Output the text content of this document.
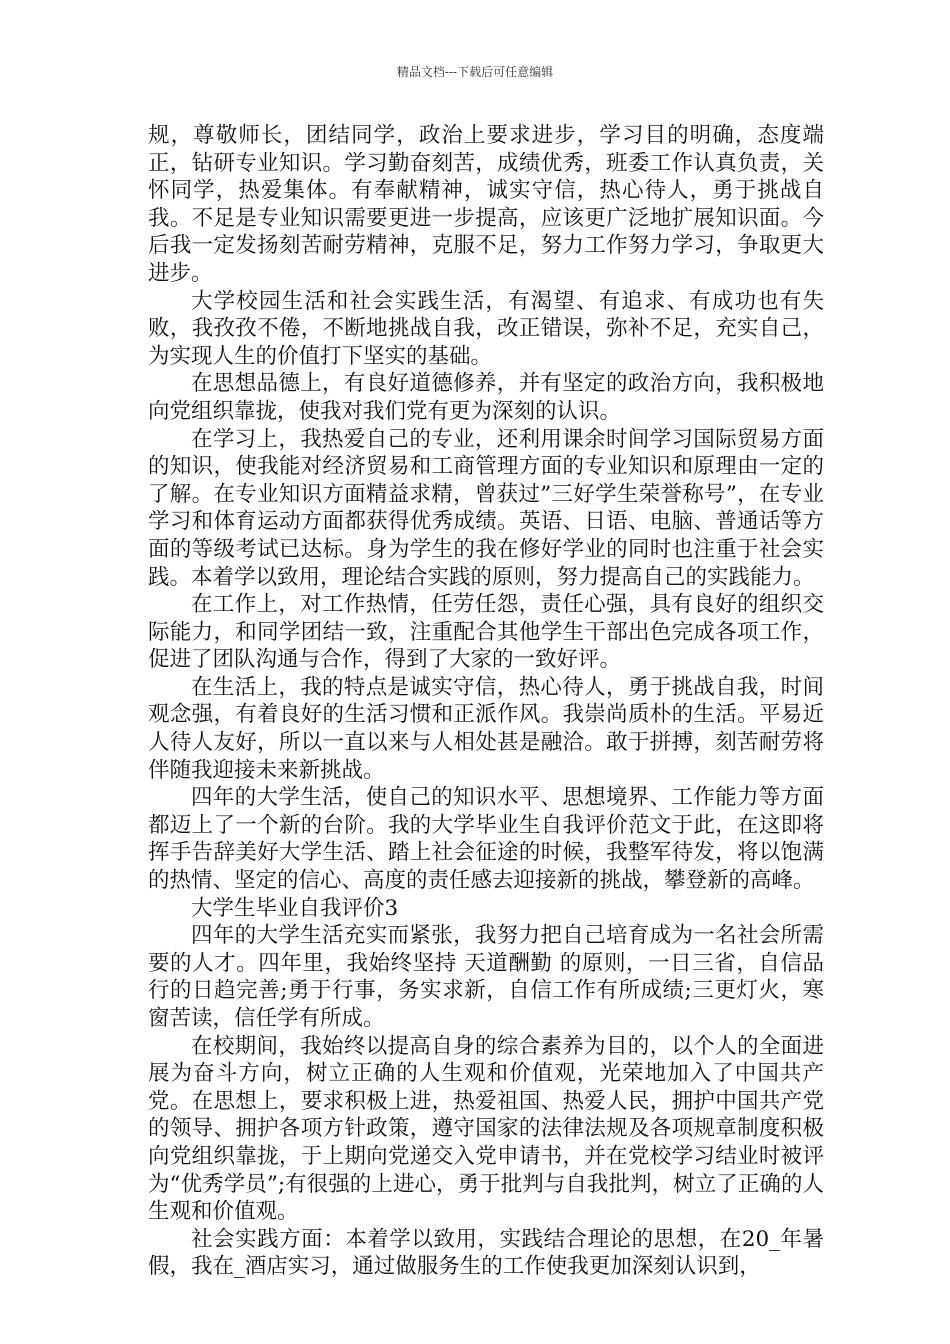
精品文档---下载后可任意编辑

规，尊敬师长，团结同学，政治上要求进步，学习目的明确，态度端正，钻研专业知识。学习勤奋刻苦，成绩优秀，班委工作认真负责，关怀同学，热爱集体。有奉献精神，诚实守信，热心待人，勇于挑战自我。不足是专业知识需要更进一步提高，应该更广泛地扩展知识面。今后我一定发扬刻苦耐劳精神，克服不足，努力工作努力学习，争取更大进步。

大学校园生活和社会实践生活，有渴望、有追求、有成功也有失败，我孜孜不倦，不断地挑战自我，改正错误，弥补不足，充实自己，为实现人生的价值打下坚实的基础。

在思想品德上，有良好道德修养，并有坚定的政治方向，我积极地向党组织靠拢，使我对我们党有更为深刻的认识。

在学习上，我热爱自己的专业，还利用课余时间学习国际贸易方面的知识，使我能对经济贸易和工商管理方面的专业知识和原理由一定的了解。在专业知识方面精益求精，曾获过”三好学生荣誉称号”，在专业学习和体育运动方面都获得优秀成绩。英语、日语、电脑、普通话等方面的等级考试已达标。身为学生的我在修好学业的同时也注重于社会实践。本着学以致用，理论结合实践的原则，努力提高自己的实践能力。

在工作上，对工作热情，任劳任怨，责任心强，具有良好的组织交际能力，和同学团结一致，注重配合其他学生干部出色完成各项工作，促进了团队沟通与合作，得到了大家的一致好评。

在生活上，我的特点是诚实守信，热心待人，勇于挑战自我，时间观念强，有着良好的生活习惯和正派作风。我崇尚质朴的生活。平易近人待人友好，所以一直以来与人相处甚是融洽。敢于拼搏，刻苦耐劳将伴随我迎接未来新挑战。

四年的大学生活，使自己的知识水平、思想境界、工作能力等方面都迈上了一个新的台阶。我的大学毕业生自我评价范文于此，在这即将挥手告辞美好大学生活、踏上社会征途的时候，我整军待发，将以饱满的热情、坚定的信心、高度的责任感去迎接新的挑战，攀登新的高峰。

大学生毕业自我评价3

四年的大学生活充实而紧张，我努力把自己培育成为一名社会所需要的人才。四年里，我始终坚持 天道酬勤 的原则，一日三省，自信品行的日趋完善;勇于行事，务实求新，自信工作有所成绩;三更灯火，寒窗苦读，信任学有所成。

在校期间，我始终以提高自身的综合素养为目的，以个人的全面进展为奋斗方向，树立正确的人生观和价值观，光荣地加入了中国共产党。在思想上，要求积极上进，热爱祖国、热爱人民，拥护中国共产党的领导、拥护各项方针政策，遵守国家的法律法规及各项规章制度积极向党组织靠拢，于上期向党递交入党申请书，并在党校学习结业时被评为“优秀学员”;有很强的上进心，勇于批判与自我批判，树立了正确的人生观和价值观。

社会实践方面：本着学以致用，实践结合理论的思想，在20_年暑假，我在_酒店实习，通过做服务生的工作使我更加深刻认识到，
